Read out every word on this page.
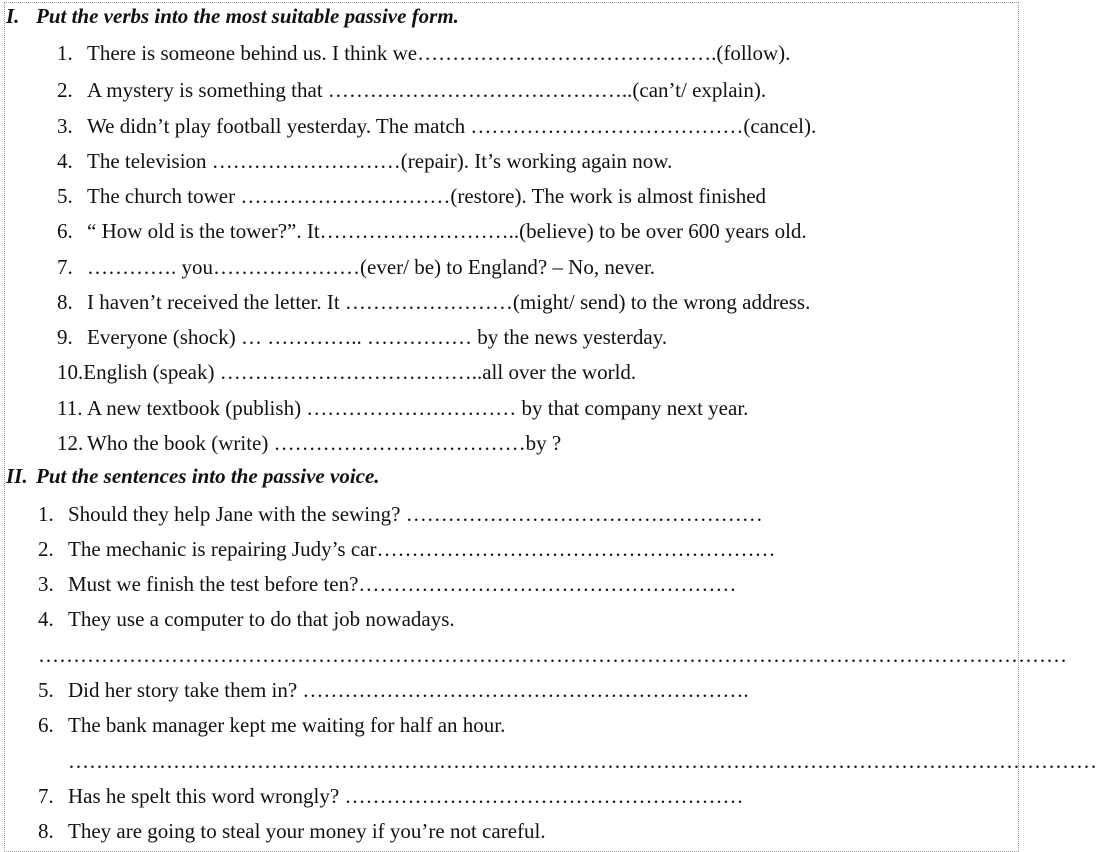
I. Put the verbs into the most suitable passive form.
1. There is someone behind us. I think we…………………………………….(follow).
2. A mystery is something that ……………………………………..(can’t/ explain).
3. We didn’t play football yesterday. The match …………………………………(cancel).
4. The television ………………………(repair). It’s working again now.
5. The church tower …………………………(restore). The work is almost finished
6. “ How old is the tower?”. It………………………..(believe) to be over 600 years old.
7. …………. you…………………(ever/ be) to England? – No, never.
8. I haven’t received the letter. It ……………………(might/ send) to the wrong address.
9. Everyone (shock) … ………….. …………… by the news yesterday.
10.English (speak) ………………………………..all over the world.
11. A new textbook (publish) ………………………… by that company next year.
12. Who the book (write) ………………………………by ?
II. Put the sentences into the passive voice.
1. Should they help Jane with the sewing? ……………………………………………
2. The mechanic is repairing Judy’s car…………………………………………………
3. Must we finish the test before ten?………………………………………………
4. They use a computer to do that job nowadays.
…………………………………………………………………………………………………………………………………
5. Did her story take them in? ……………………………………………………….
6. The bank manager kept me waiting for half an hour.
…………………………………………………………………………………………………………………………………
7. Has he spelt this word wrongly? …………………………………………………
8. They are going to steal your money if you’re not careful.
